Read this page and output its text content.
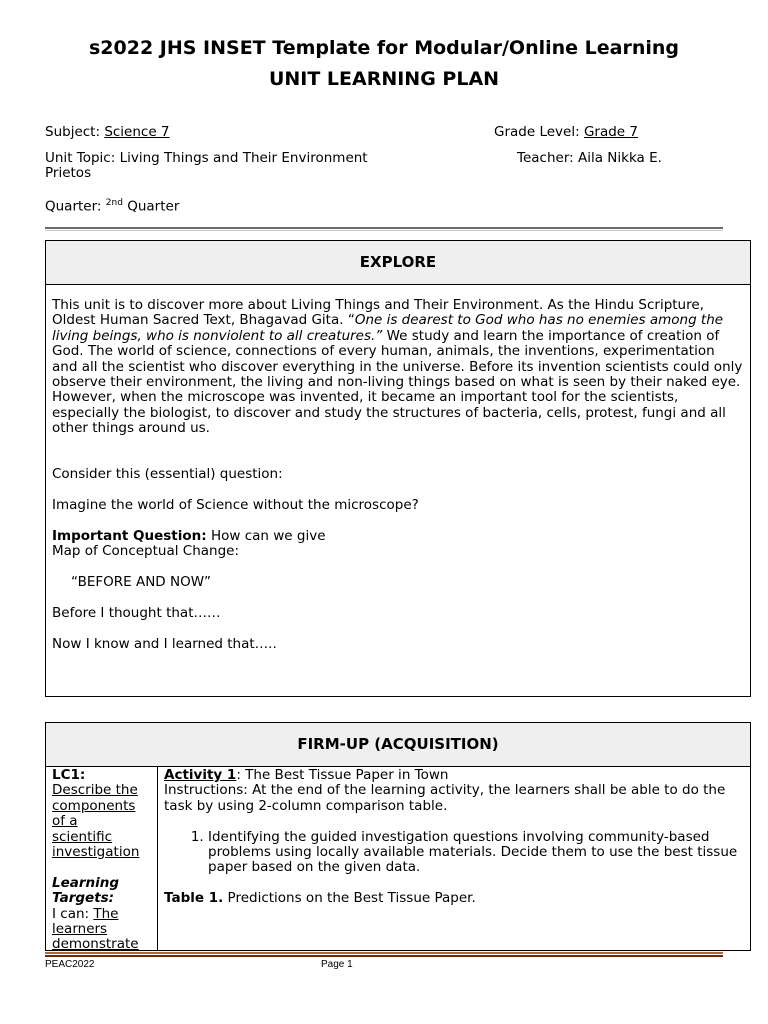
s2022 JHS INSET Template for Modular/Online Learning
UNIT LEARNING PLAN
Subject: Science 7	Grade Level: Grade 7
Unit Topic: Living Things and Their Environment	Teacher: Aila Nikka E.
Prietos
Quarter: $^{2nd}$ Quarter
EXPLORE
This unit is to discover more about Living Things and Their Environment. As the Hindu Scripture, Oldest Human Sacred Text, Bhagavad Gita. “One is dearest to God who has no enemies among the living beings, who is nonviolent to all creatures.” We study and learn the importance of creation of God. The world of science, connections of every human, animals, the inventions, experimentation and all the scientist who discover everything in the universe. Before its invention scientists could only observe their environment, the living and non-living things based on what is seen by their naked eye. However, when the microscope was invented, it became an important tool for the scientists, especially the biologist, to discover and study the structures of bacteria, cells, protest, fungi and all other things around us.
Consider this (essential) question:
Imagine the world of Science without the microscope?
Important Question: How can we give
Map of Conceptual Change:
“BEFORE AND NOW”
Before I thought that……
Now I know and I learned that…..
FIRM-UP (ACQUISITION)
LC1:
Describe the
components
of a
scientific
investigation
Learning
Targets:
I can: The
learners
demonstrate
Activity 1: The Best Tissue Paper in Town
Instructions: At the end of the learning activity, the learners shall be able to do the task by using 2-column comparison table.
1. Identifying the guided investigation questions involving community-based problems using locally available materials. Decide them to use the best tissue paper based on the given data.
Table 1. Predictions on the Best Tissue Paper.
PEAC2022	Page 1
